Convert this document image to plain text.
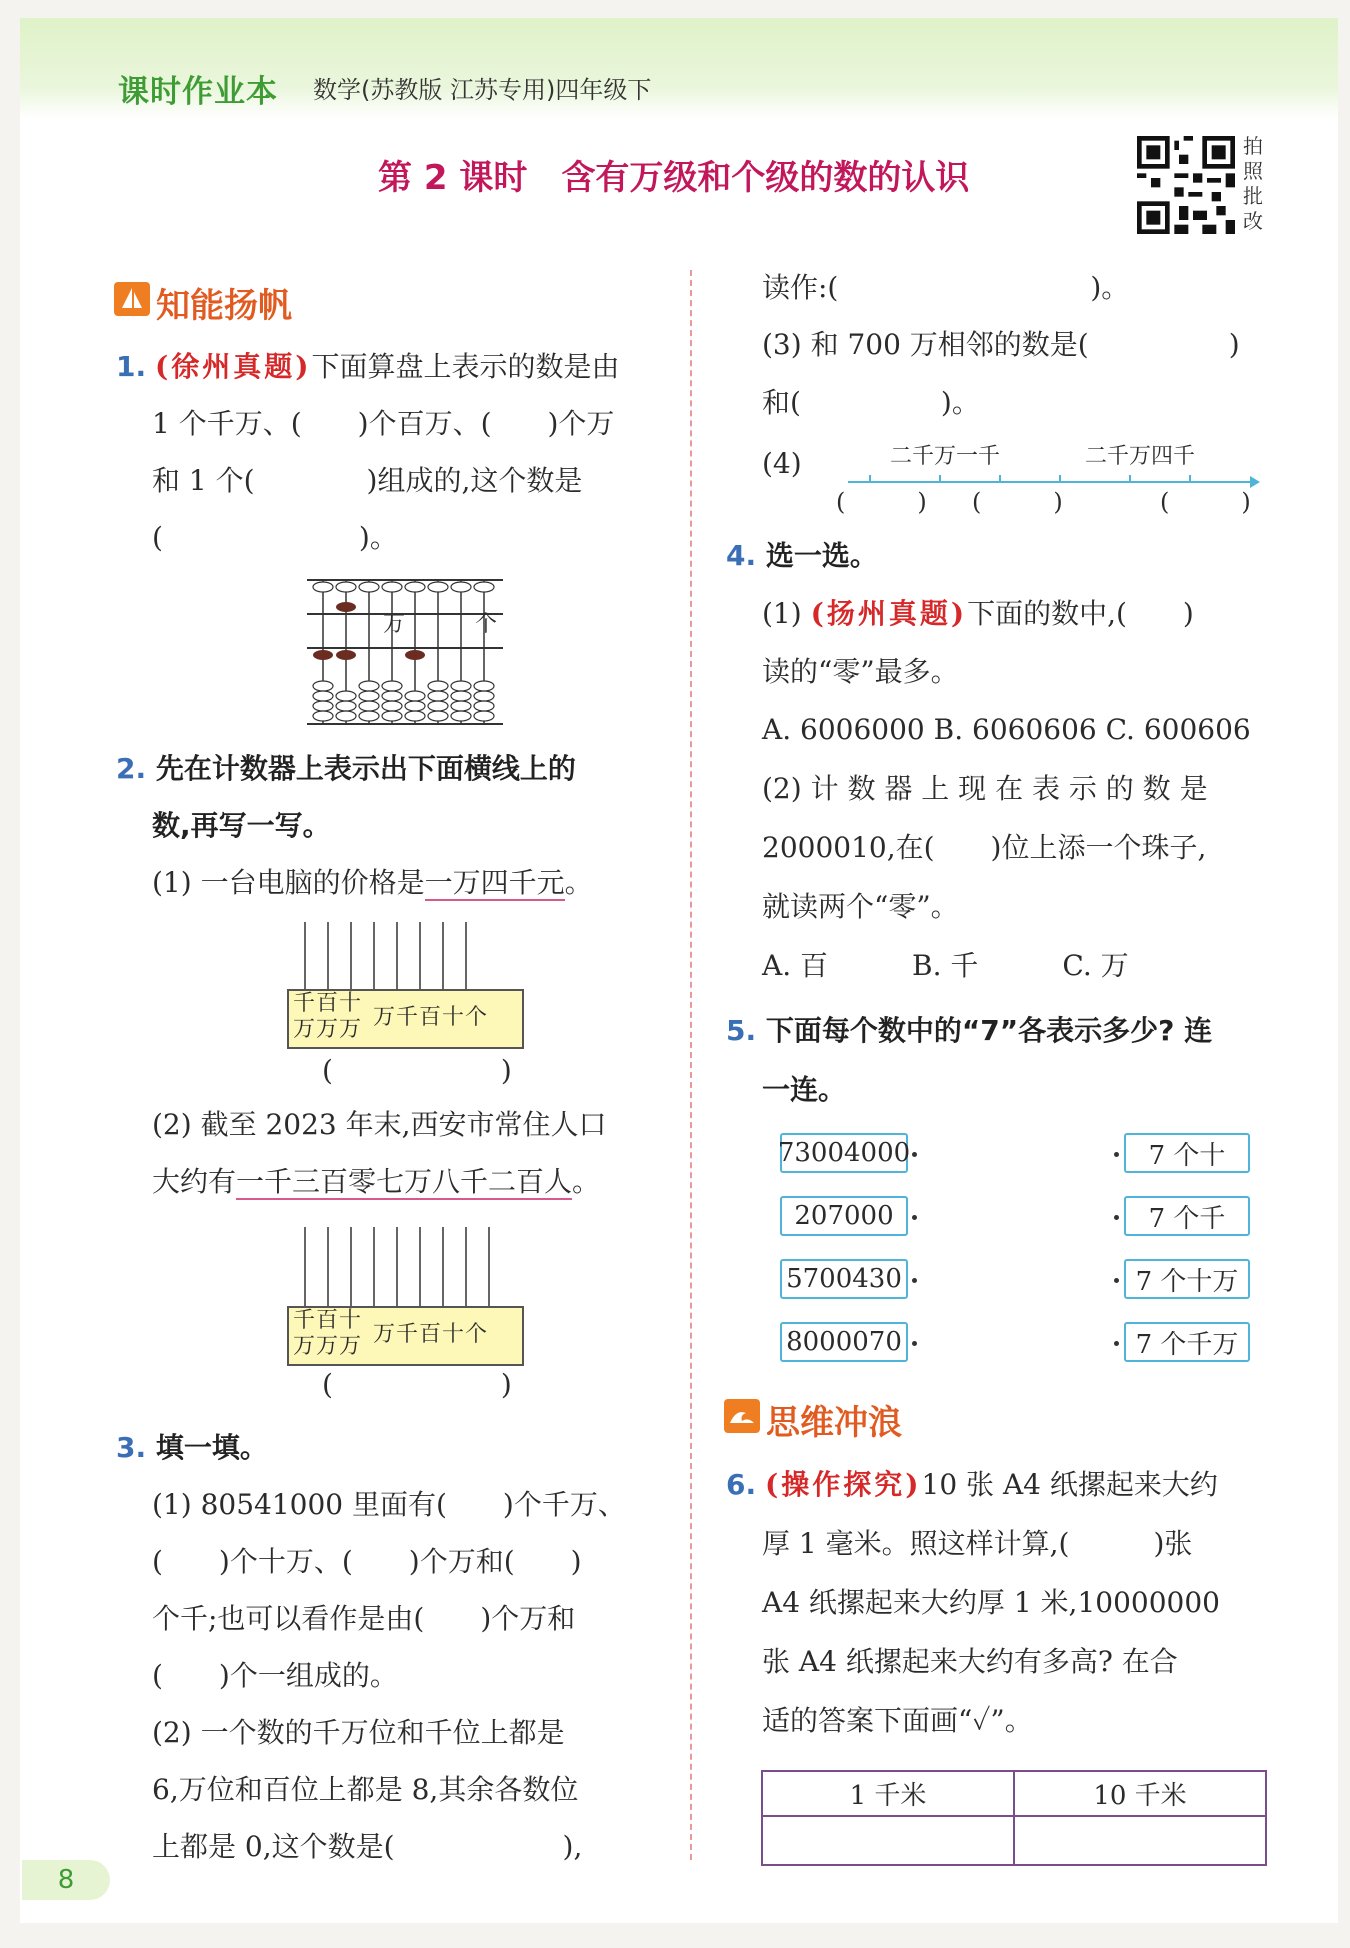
课时作业本 数学(苏教版 江苏专用)四年级下
第 2 课时　含有万级和个级的数的认识
拍照批改
知能扬帆
1. (徐州真题)下面算盘上表示的数是由
1 个千万、(　　)个百万、(　　)个万
和 1 个(　　　　)组成的,这个数是
(　　　　　　　)。
万	个
2. 先在计数器上表示出下面横线上的
数,再写一写。
(1) 一台电脑的价格是一万四千元。
千百十
万万万 万千百十个
(　　　　　　)
(2) 截至 2023 年末,西安市常住人口
大约有一千三百零七万八千二百人。
千百十
万万万 万千百十个
(　　　　　　)
3. 填一填。
(1) 80541000 里面有(　　)个千万、
(　　)个十万、(　　)个万和(　　)
个千;也可以看作是由(　　)个万和
(　　)个一组成的。
(2) 一个数的千万位和千位上都是
6,万位和百位上都是 8,其余各数位
上都是 0,这个数是(　　　　　　),
读作:(　　　　　　　　　)。
(3) 和 700 万相邻的数是(　　　　　)
和(　　　　　)。
(4)	二千万一千	二千万四千
(　　　) (　　　)	(　　　)
4. 选一选。
(1) (扬州真题)下面的数中,(　　)
读的“零”最多。
A. 6006000 B. 6060606 C. 600606
(2) 计 数 器 上 现 在 表 示 的 数 是
2000010,在(　　)位上添一个珠子,
就读两个“零”。
A. 百　　　B. 千　　　C. 万
5. 下面每个数中的“7”各表示多少? 连
一连。
73004000
207000
5700430
8000070
7 个十
7 个千
7 个十万
7 个千万
思维冲浪
6. (操作探究)10 张 A4 纸摞起来大约
厚 1 毫米。照这样计算,(　　　)张
A4 纸摞起来大约厚 1 米,10000000
张 A4 纸摞起来大约有多高? 在合
适的答案下面画“✓”。
1 千米	10 千米
8
